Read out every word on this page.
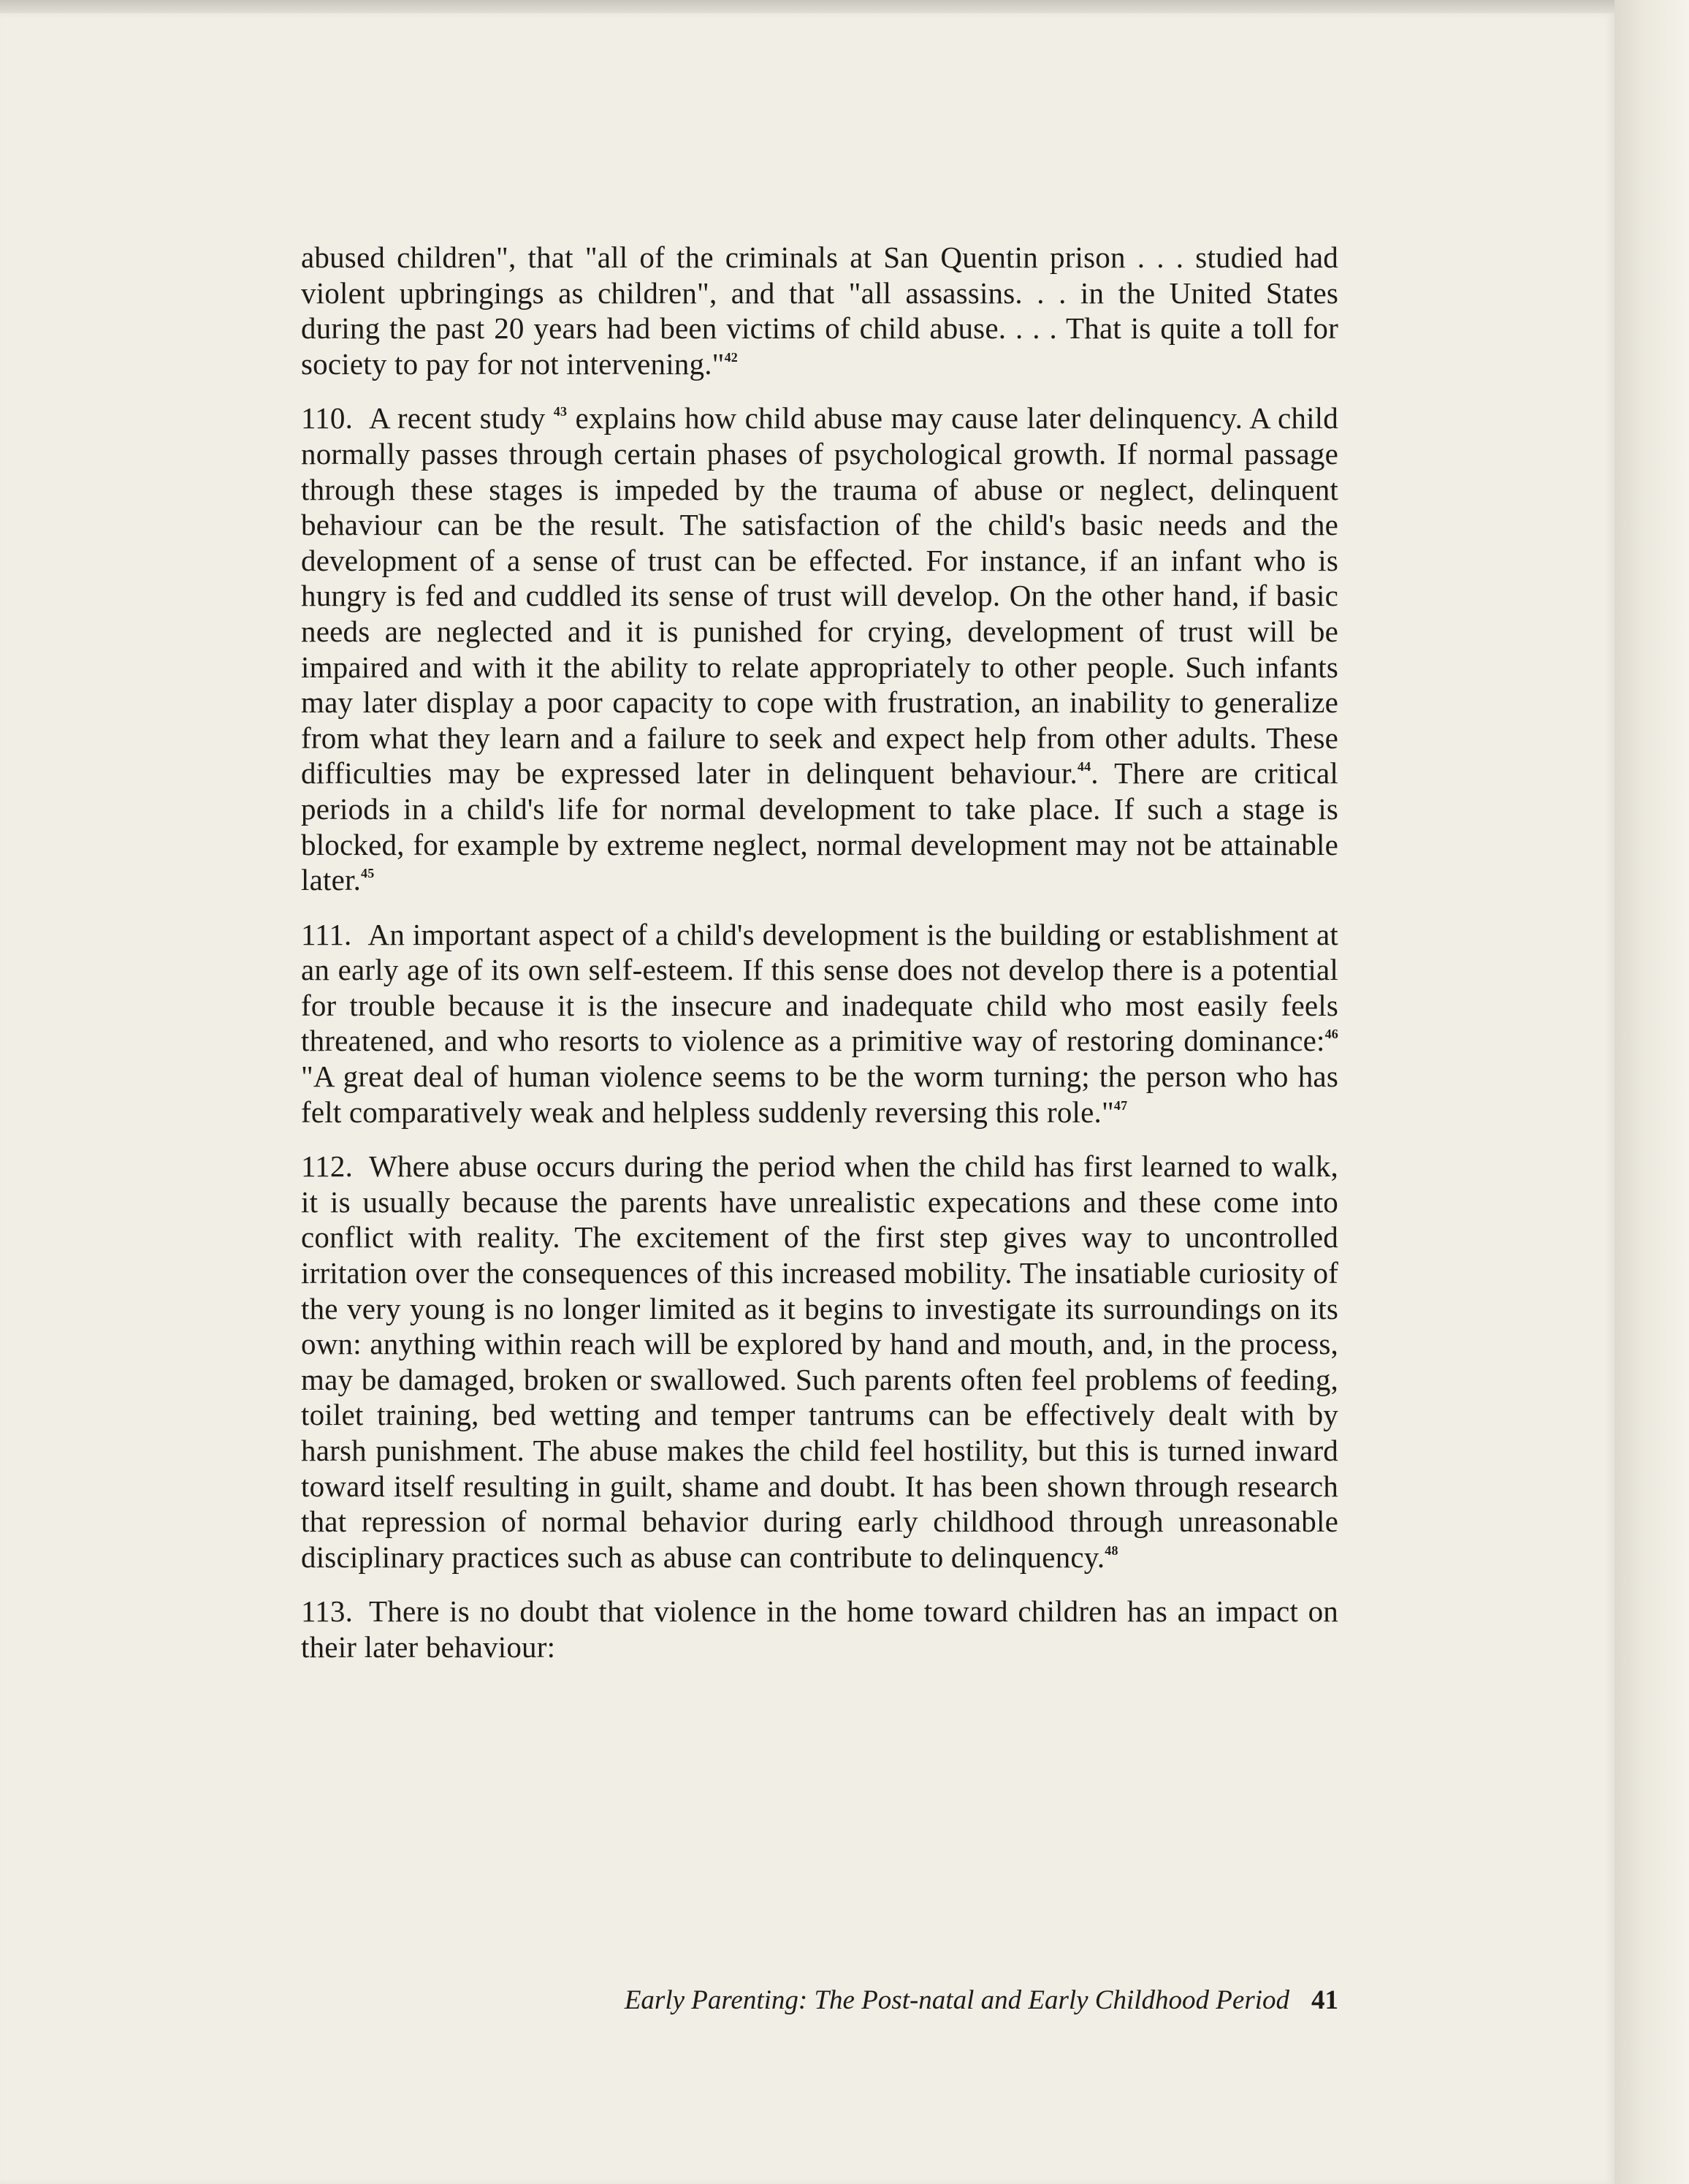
abused children", that "all of the criminals at San Quentin prison . . . studied had violent upbringings as children", and that "all assassins. . . in the United States during the past 20 years had been victims of child abuse. . . . That is quite a toll for society to pay for not intervening."$^{42}$

110. A recent study $^{43}$ explains how child abuse may cause later delinquency. A child normally passes through certain phases of psychological growth. If normal passage through these stages is impeded by the trauma of abuse or neglect, delinquent behaviour can be the result. The satisfaction of the child's basic needs and the development of a sense of trust can be effected. For instance, if an infant who is hungry is fed and cuddled its sense of trust will develop. On the other hand, if basic needs are neglected and it is punished for crying, development of trust will be impaired and with it the ability to relate appropriately to other people. Such infants may later display a poor capacity to cope with frustration, an inability to generalize from what they learn and a failure to seek and expect help from other adults. These difficulties may be expressed later in delinquent behaviour.$^{44}$. There are critical periods in a child's life for normal development to take place. If such a stage is blocked, for example by extreme neglect, normal development may not be attainable later.$^{45}$

111. An important aspect of a child's development is the building or establishment at an early age of its own self-esteem. If this sense does not develop there is a potential for trouble because it is the insecure and inadequate child who most easily feels threatened, and who resorts to violence as a primitive way of restoring dominance:$^{46}$ "A great deal of human violence seems to be the worm turning; the person who has felt comparatively weak and helpless suddenly reversing this role."$^{47}$

112. Where abuse occurs during the period when the child has first learned to walk, it is usually because the parents have unrealistic expecations and these come into conflict with reality. The excitement of the first step gives way to uncontrolled irritation over the consequences of this increased mobility. The insatiable curiosity of the very young is no longer limited as it begins to investigate its surroundings on its own: anything within reach will be explored by hand and mouth, and, in the process, may be damaged, broken or swallowed. Such parents often feel problems of feeding, toilet training, bed wetting and temper tantrums can be effectively dealt with by harsh punishment. The abuse makes the child feel hostility, but this is turned inward toward itself resulting in guilt, shame and doubt. It has been shown through research that repression of normal behavior during early childhood through unreasonable disciplinary practices such as abuse can contribute to delinquency.$^{48}$

113. There is no doubt that violence in the home toward children has an impact on their later behaviour:

Early Parenting: The Post-natal and Early Childhood Period 41
